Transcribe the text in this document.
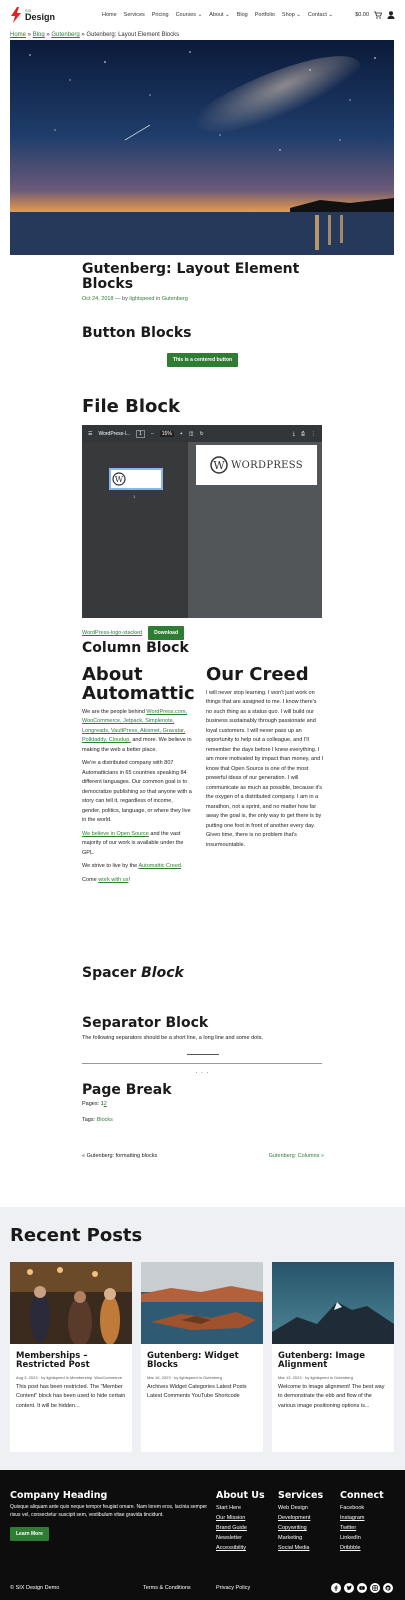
SIX
Design	Home Services Pricing Courses ⌄ About ⌄ Blog Portfolio Shop ⌄ Contact ⌄	$0.00
Home » Blog » Gutenberg » Gutenberg: Layout Element Blocks
Gutenberg: Layout Element Blocks
Oct 24, 2018 — by lightspeed in Gutenberg
Button Blocks
This is a centered button
File Block
☰ WordPress-l...	1	−	15%	+ ◫ ↻	⤓ ⎙ ⋮
W
1
W WORDPRESS
WordPress-logo-stacked	Download
Column Block
About Automattic

We are the people behind WordPress.com, WooCommerce, Jetpack, Simplenote, Longreads, VaultPress, Akismet, Gravatar, Polldaddy, Cloudup, and more. We believe in making the web a better place.

We're a distributed company with 807 Automatticians in 65 countries speaking 84 different languages. Our common goal is to democratize publishing so that anyone with a story can tell it, regardless of income, gender, politics, language, or where they live in the world.

We believe in Open Source and the vast majority of our work is available under the GPL.

We strive to live by the Automattic Creed.

Come work with us!

Our Creed

I will never stop learning. I won't just work on things that are assigned to me. I know there's no such thing as a status quo. I will build our business sustainably through passionate and loyal customers. I will never pass up an opportunity to help out a colleague, and I'll remember the days before I knew everything. I am more motivated by impact than money, and I know that Open Source is one of the most powerful ideas of our generation. I will communicate as much as possible, because it's the oxygen of a distributed company. I am in a marathon, not a sprint, and no matter how far away the goal is, the only way to get there is by putting one foot in front of another every day. Given time, there is no problem that's insurmountable.

Spacer Block
Separator Block

The following separators should be a short line, a long line and some dots.

· · ·
Page Break

Pages: 12

Tags: Blocks

« Gutenberg: formatting blocks	Gutenberg: Columns »
Recent Posts
Memberships – Restricted Post
Aug 3, 2023 · by lightspeed in Membership, WooCommerce
This post has been restricted. The "Member Content" block has been used to hide certain content. It will be hidden...
Gutenberg: Widget Blocks
Mar 16, 2023 · by lightspeed in Gutenberg
Archives Widget Categories Latest Posts Latest Comments YouTube Shortcode
Gutenberg: Image Alignment
Mar 13, 2023 · by lightspeed in Gutenberg
Welcome to image alignment! The best way to demonstrate the ebb and flow of the various image positioning options is...
Company Heading

Quisque aliquam ante quis neque tempor feugiat ornare. Nam lorem eros, lacinia semper risus vel, consectetur suscipit sem, vestibulum vitae gravida tincidunt.

Learn More
About Us
Start Here
Our Mission
Brand Guide
Newsletter
Accessibility
Services
Web Design
Development
Copywriting
Marketing
Social Media
Connect
Facebook
Instagram
Twitter
LinkedIn
Dribbble
© SIX Design Demo	Terms & Conditions	Privacy Policy	p
